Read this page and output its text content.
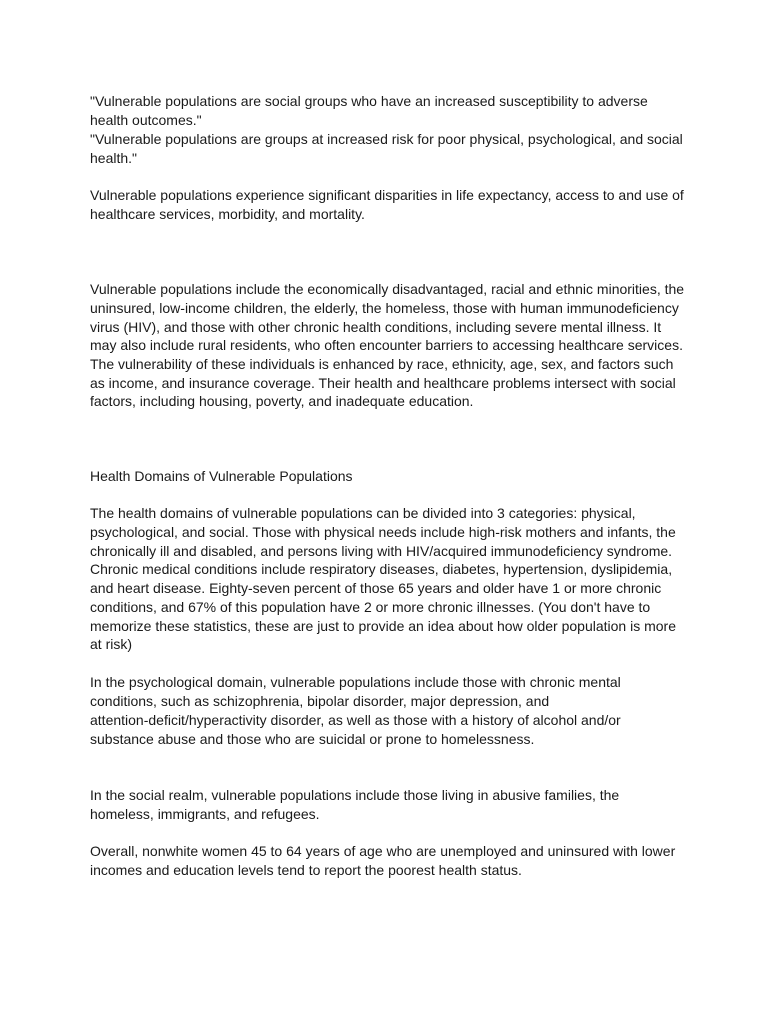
"Vulnerable populations are social groups who have an increased susceptibility to adverse
health outcomes."
"Vulnerable populations are groups at increased risk for poor physical, psychological, and social
health."
Vulnerable populations experience significant disparities in life expectancy, access to and use of
healthcare services, morbidity, and mortality.
Vulnerable populations include the economically disadvantaged, racial and ethnic minorities, the
uninsured, low-income children, the elderly, the homeless, those with human immunodeficiency
virus (HIV), and those with other chronic health conditions, including severe mental illness. It
may also include rural residents, who often encounter barriers to accessing healthcare services.
The vulnerability of these individuals is enhanced by race, ethnicity, age, sex, and factors such
as income, and insurance coverage. Their health and healthcare problems intersect with social
factors, including housing, poverty, and inadequate education.
Health Domains of Vulnerable Populations
The health domains of vulnerable populations can be divided into 3 categories: physical,
psychological, and social. Those with physical needs include high-risk mothers and infants, the
chronically ill and disabled, and persons living with HIV/acquired immunodeficiency syndrome.
Chronic medical conditions include respiratory diseases, diabetes, hypertension, dyslipidemia,
and heart disease. Eighty-seven percent of those 65 years and older have 1 or more chronic
conditions, and 67% of this population have 2 or more chronic illnesses. (You don't have to
memorize these statistics, these are just to provide an idea about how older population is more
at risk)
In the psychological domain, vulnerable populations include those with chronic mental
conditions, such as schizophrenia, bipolar disorder, major depression, and
attention-deficit/hyperactivity disorder, as well as those with a history of alcohol and/or
substance abuse and those who are suicidal or prone to homelessness.
In the social realm, vulnerable populations include those living in abusive families, the
homeless, immigrants, and refugees.
Overall, nonwhite women 45 to 64 years of age who are unemployed and uninsured with lower
incomes and education levels tend to report the poorest health status.
